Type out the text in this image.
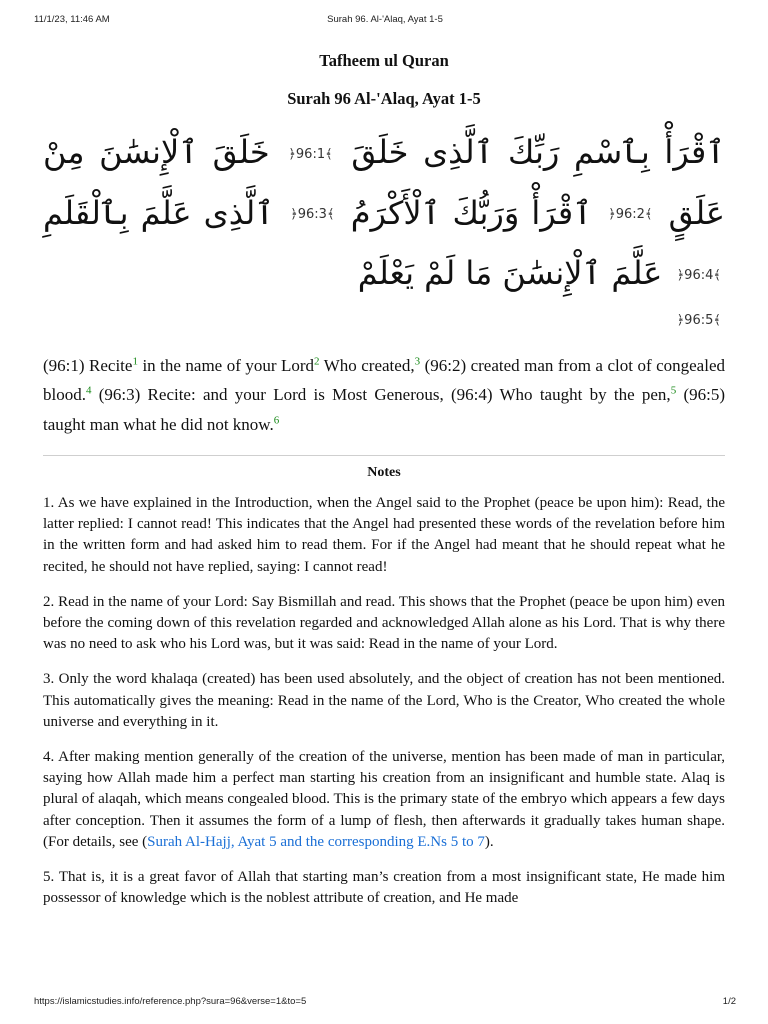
11/1/23, 11:46 AM	Surah 96. Al-'Alaq, Ayat 1-5
Tafheem ul Quran
Surah 96 Al-'Alaq, Ayat 1-5
ٱقْرَأْ بِٱسْمِ رَبِّكَ ٱلَّذِى خَلَقَ ﴿96:1﴾ خَلَقَ ٱلْإِنسَٰنَ مِنْ عَلَقٍ ﴿96:2﴾ ٱقْرَأْ وَرَبُّكَ ٱلْأَكْرَمُ ﴿96:3﴾ ٱلَّذِى عَلَّمَ بِٱلْقَلَمِ ﴿96:4﴾ عَلَّمَ ٱلْإِنسَٰنَ مَا لَمْ يَعْلَمْ
﴿96:5﴾
(96:1) Recite$^1$ in the name of your Lord$^2$ Who created,$^3$ (96:2) created man from a clot of congealed blood.$^4$ (96:3) Recite: and your Lord is Most Generous, (96:4) Who taught by the pen,$^5$ (96:5) taught man what he did not know.$^6$
Notes

1. As we have explained in the Introduction, when the Angel said to the Prophet (peace be upon him): Read, the latter replied: I cannot read! This indicates that the Angel had presented these words of the revelation before him in the written form and had asked him to read them. For if the Angel had meant that he should repeat what he recited, he should not have replied, saying: I cannot read!

2. Read in the name of your Lord: Say Bismillah and read. This shows that the Prophet (peace be upon him) even before the coming down of this revelation regarded and acknowledged Allah alone as his Lord. That is why there was no need to ask who his Lord was, but it was said: Read in the name of your Lord.

3. Only the word khalaqa (created) has been used absolutely, and the object of creation has not been mentioned. This automatically gives the meaning: Read in the name of the Lord, Who is the Creator, Who created the whole universe and everything in it.

4. After making mention generally of the creation of the universe, mention has been made of man in particular, saying how Allah made him a perfect man starting his creation from an insignificant and humble state. Alaq is plural of alaqah, which means congealed blood. This is the primary state of the embryo which appears a few days after conception. Then it assumes the form of a lump of flesh, then afterwards it gradually takes human shape. (For details, see (Surah Al-Hajj, Ayat 5 and the corresponding E.Ns 5 to 7).

5. That is, it is a great favor of Allah that starting man’s creation from a most insignificant state, He made him possessor of knowledge which is the noblest attribute of creation, and He made

https://islamicstudies.info/reference.php?sura=96&verse=1&to=5	1/2
